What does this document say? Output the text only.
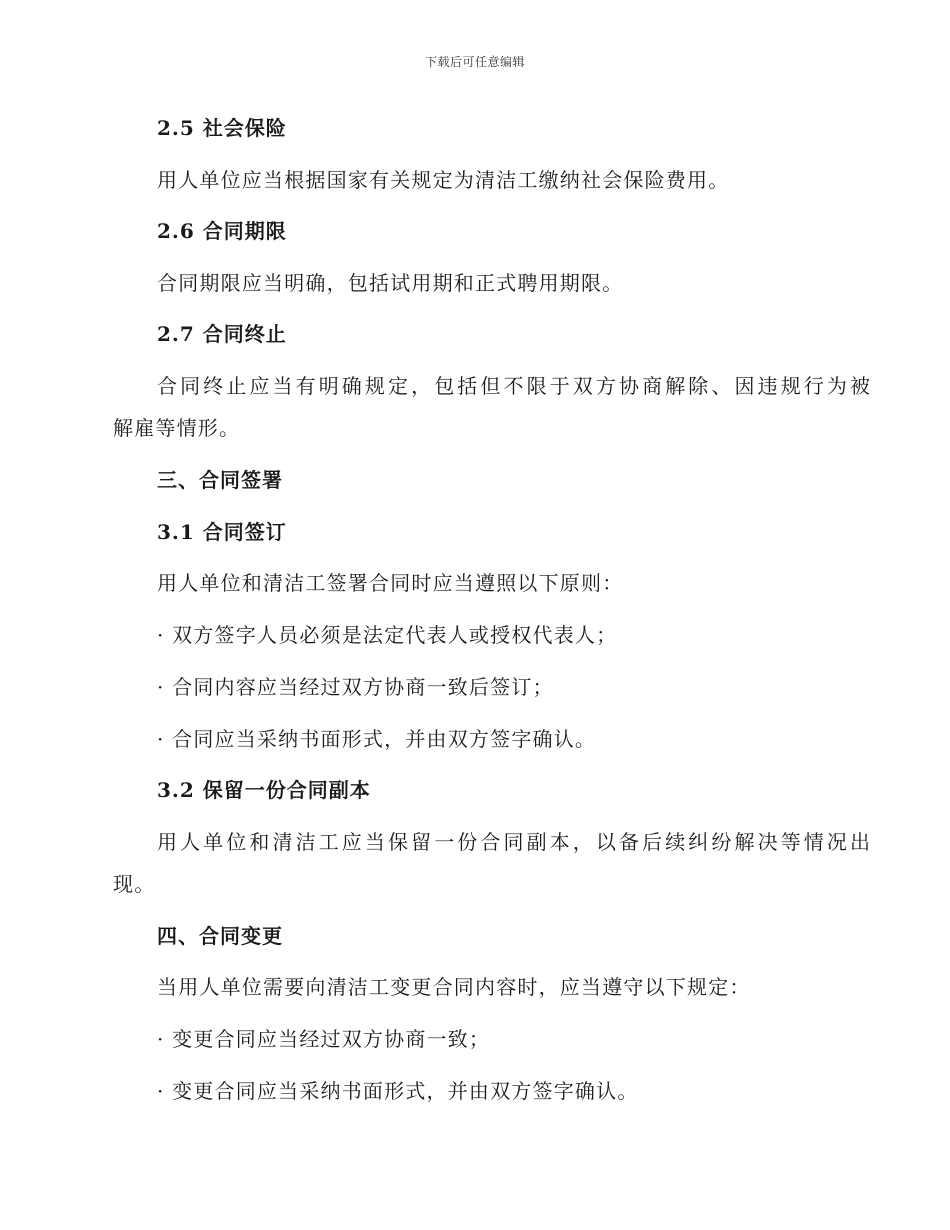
下载后可任意编辑
2.5 社会保险
用人单位应当根据国家有关规定为清洁工缴纳社会保险费用。
2.6 合同期限
合同期限应当明确，包括试用期和正式聘用期限。
2.7 合同终止
合同终止应当有明确规定，包括但不限于双方协商解除、因违规行为被
解雇等情形。
三、合同签署
3.1 合同签订
用人单位和清洁工签署合同时应当遵照以下原则：
· 双方签字人员必须是法定代表人或授权代表人；
· 合同内容应当经过双方协商一致后签订；
· 合同应当采纳书面形式，并由双方签字确认。
3.2 保留一份合同副本
用人单位和清洁工应当保留一份合同副本，以备后续纠纷解决等情况出
现。
四、合同变更
当用人单位需要向清洁工变更合同内容时，应当遵守以下规定：
· 变更合同应当经过双方协商一致；
· 变更合同应当采纳书面形式，并由双方签字确认。
